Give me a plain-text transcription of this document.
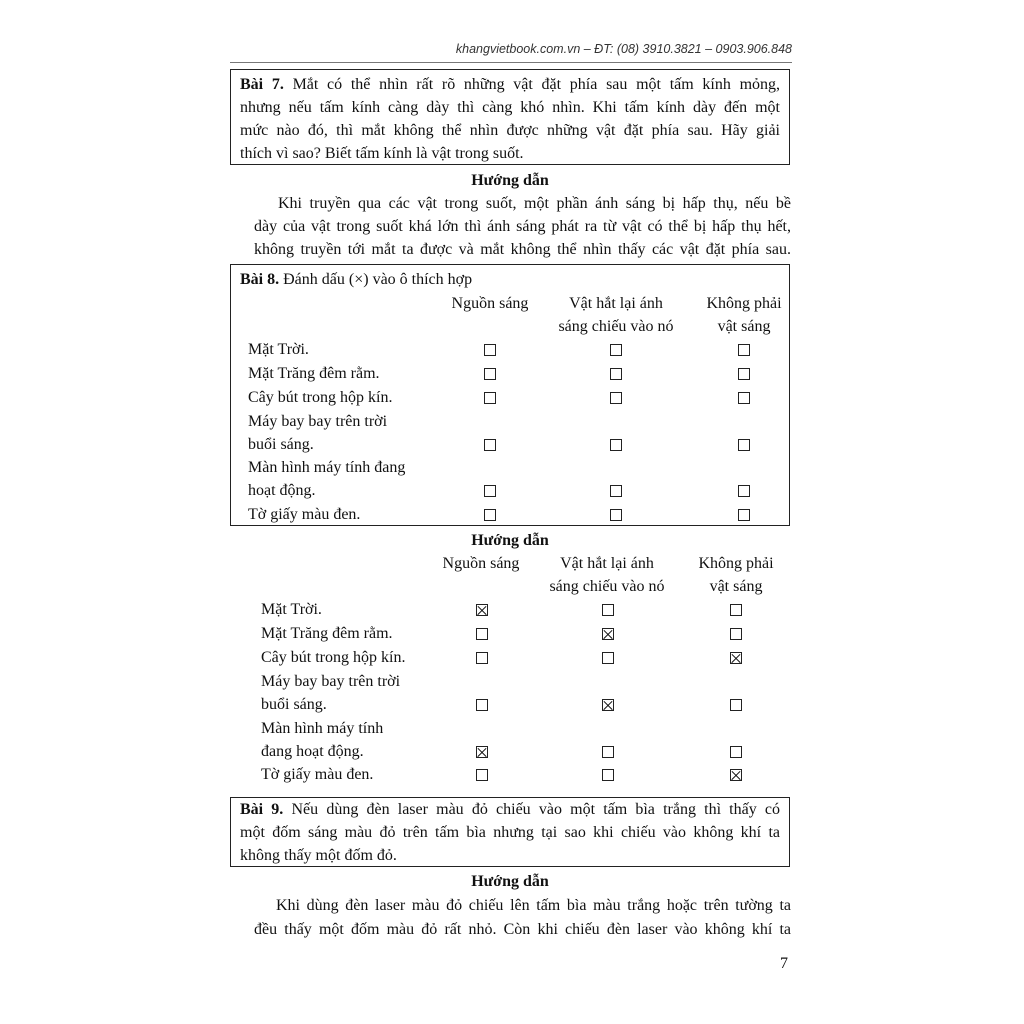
khangvietbook.com.vn – ĐT: (08) 3910.3821 – 0903.906.848
Bài 7. Mắt có thể nhìn rất rõ những vật đặt phía sau một tấm kính mỏng,
nhưng nếu tấm kính càng dày thì càng khó nhìn. Khi tấm kính dày đến một
mức nào đó, thì mắt không thể nhìn được những vật đặt phía sau. Hãy giải
thích vì sao? Biết tấm kính là vật trong suốt.
Hướng dẫn
Khi truyền qua các vật trong suốt, một phần ánh sáng bị hấp thụ, nếu bề
dày của vật trong suốt khá lớn thì ánh sáng phát ra từ vật có thể bị hấp thụ hết,
không truyền tới mắt ta được và mắt không thể nhìn thấy các vật đặt phía sau.
Bài 8. Đánh dấu (×) vào ô thích hợp
Nguồn sáng	Vật hắt lại ánh
sáng chiếu vào nó
Không phải
vật sáng
Mặt Trời.
Mặt Trăng đêm rằm.
Cây bút trong hộp kín.
Máy bay bay trên trời
buổi sáng.
Màn hình máy tính đang
hoạt động.
Tờ giấy màu đen.
Hướng dẫn
Nguồn sáng	Vật hắt lại ánh
sáng chiếu vào nó
Không phải
vật sáng
Mặt Trời.
Mặt Trăng đêm rằm.
Cây bút trong hộp kín.
Máy bay bay trên trời
buổi sáng.
Màn hình máy tính
đang hoạt động.
Tờ giấy màu đen.
Bài 9. Nếu dùng đèn laser màu đỏ chiếu vào một tấm bìa trắng thì thấy có
một đốm sáng màu đỏ trên tấm bìa nhưng tại sao khi chiếu vào không khí ta
không thấy một đốm đỏ.
Hướng dẫn
Khi dùng đèn laser màu đỏ chiếu lên tấm bìa màu trắng hoặc trên tường ta
đều thấy một đốm màu đỏ rất nhỏ. Còn khi chiếu đèn laser vào không khí ta
7
